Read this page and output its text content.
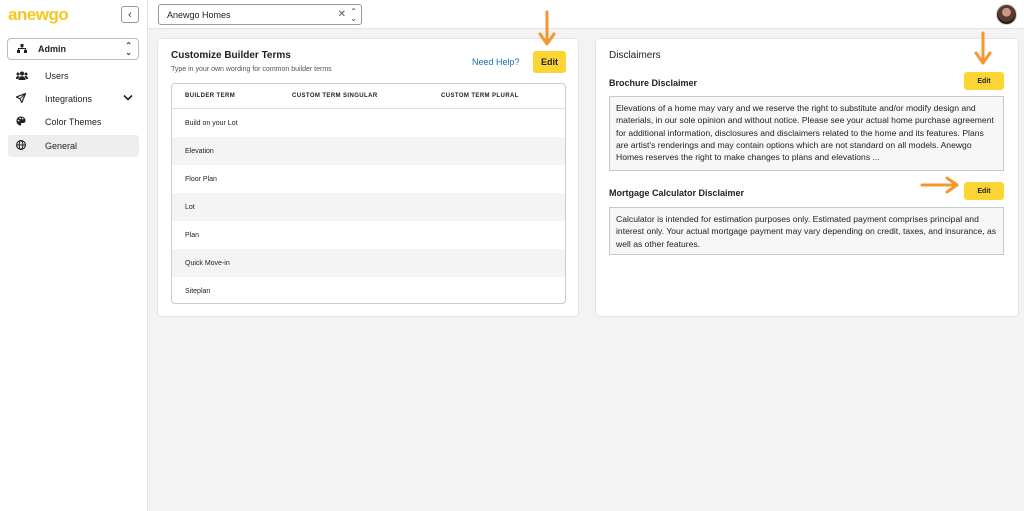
anewgo	‹
Admin	⌃
⌄
Users
Integrations
Color Themes
General
Anewgo Homes	✕ ⌃
⌄
Customize Builder Terms
Type in your own wording for common builder terms
Need Help?	Edit
BUILDER TERM	CUSTOM TERM SINGULAR	CUSTOM TERM PLURAL
Build on your Lot
Elevation
Floor Plan
Lot
Plan
Quick Move-in
Siteplan
Disclaimers
Brochure Disclaimer	Edit
Elevations of a home may vary and we reserve the right to substitute and/or modify design and materials, in our sole opinion and without notice. Please see your actual home purchase agreement for additional information, disclosures and disclaimers related to the home and its features. Plans are artist's renderings and may contain options which are not standard on all models. Anewgo Homes reserves the right to make changes to plans and elevations ...
Mortgage Calculator Disclaimer	Edit
Calculator is intended for estimation purposes only. Estimated payment comprises principal and interest only. Your actual mortgage payment may vary depending on credit, taxes, and insurance, as well as other features.
